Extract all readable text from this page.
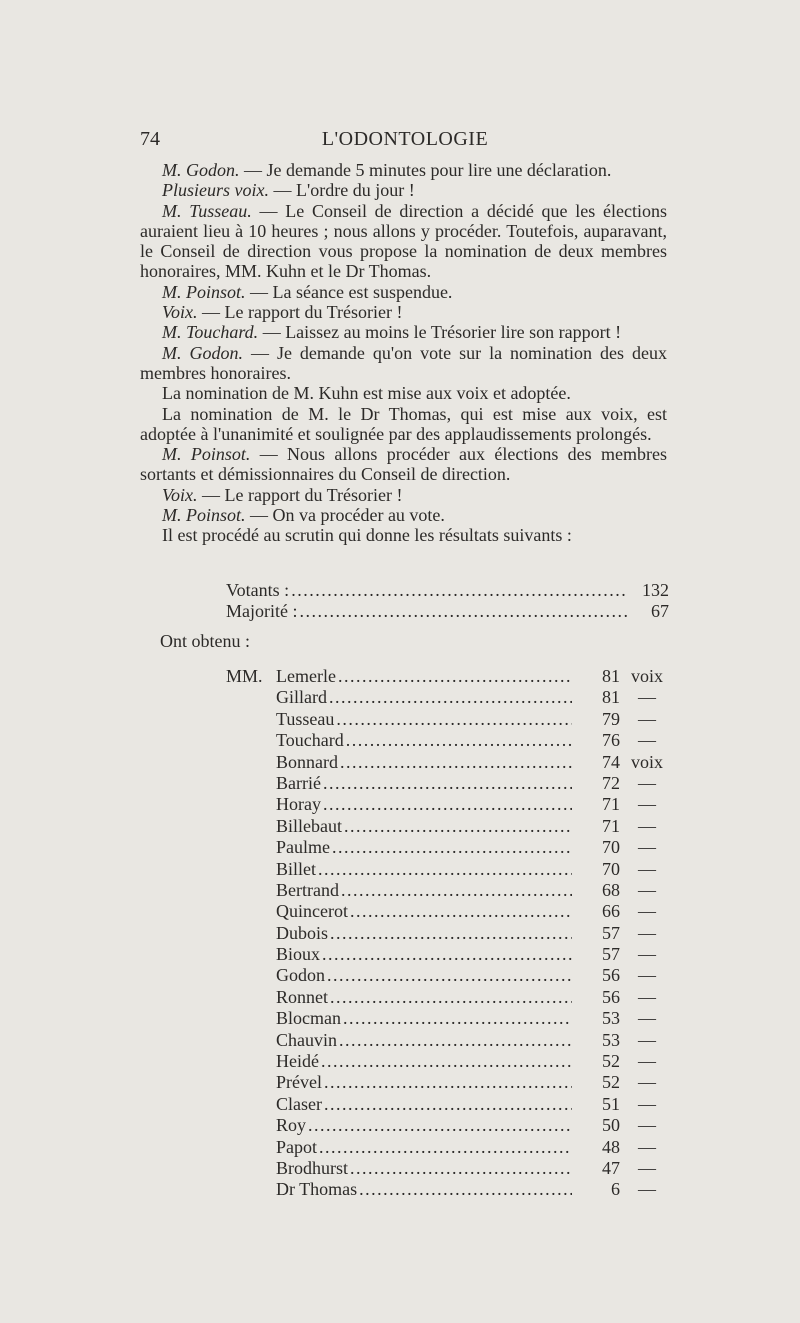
74	L'ODONTOLOGIE

M. Godon. — Je demande 5 minutes pour lire une déclaration.

Plusieurs voix. — L'ordre du jour !

M. Tusseau. — Le Conseil de direction a décidé que les élections auraient lieu à 10 heures ; nous allons y procéder. Toutefois, auparavant, le Conseil de direction vous propose la nomination de deux membres honoraires, MM. Kuhn et le Dr Thomas.

M. Poinsot. — La séance est suspendue.

Voix. — Le rapport du Trésorier !

M. Touchard. — Laissez au moins le Trésorier lire son rapport !

M. Godon. — Je demande qu'on vote sur la nomination des deux membres honoraires.

La nomination de M. Kuhn est mise aux voix et adoptée.

La nomination de M. le Dr Thomas, qui est mise aux voix, est adoptée à l'unanimité et soulignée par des applaudissements prolongés.

M. Poinsot. — Nous allons procéder aux élections des membres sortants et démissionnaires du Conseil de direction.

Voix. — Le rapport du Trésorier !

M. Poinsot. — On va procéder au vote.

Il est procédé au scrutin qui donne les résultats suivants :

Votants : . . .	132
Majorité : . . .	67
Ont obtenu :
MM. Lemerle . . .	81 voix
Gillard . . .	81	—
Tusseau . . .	79	—
Touchard . . .	76	—
Bonnard . . .	74 voix
Barrié . . .	72	—
Horay . . .	71	—
Billebaut . . .	71	—
Paulme . . .	70	—
Billet . . .	70	—
Bertrand . . .	68	—
Quincerot . . .	66	—
Dubois . . .	57	—
Bioux . . .	57	—
Godon . . .	56	—
Ronnet . . .	56	—
Blocman . . .	53	—
Chauvin . . .	53	—
Heidé . . .	52	—
Prével . . .	52	—
Claser . . .	51	—
Roy . . .	50	—
Papot . . .	48	—
Brodhurst . . .	47	—
Dr Thomas . . .	6	—
